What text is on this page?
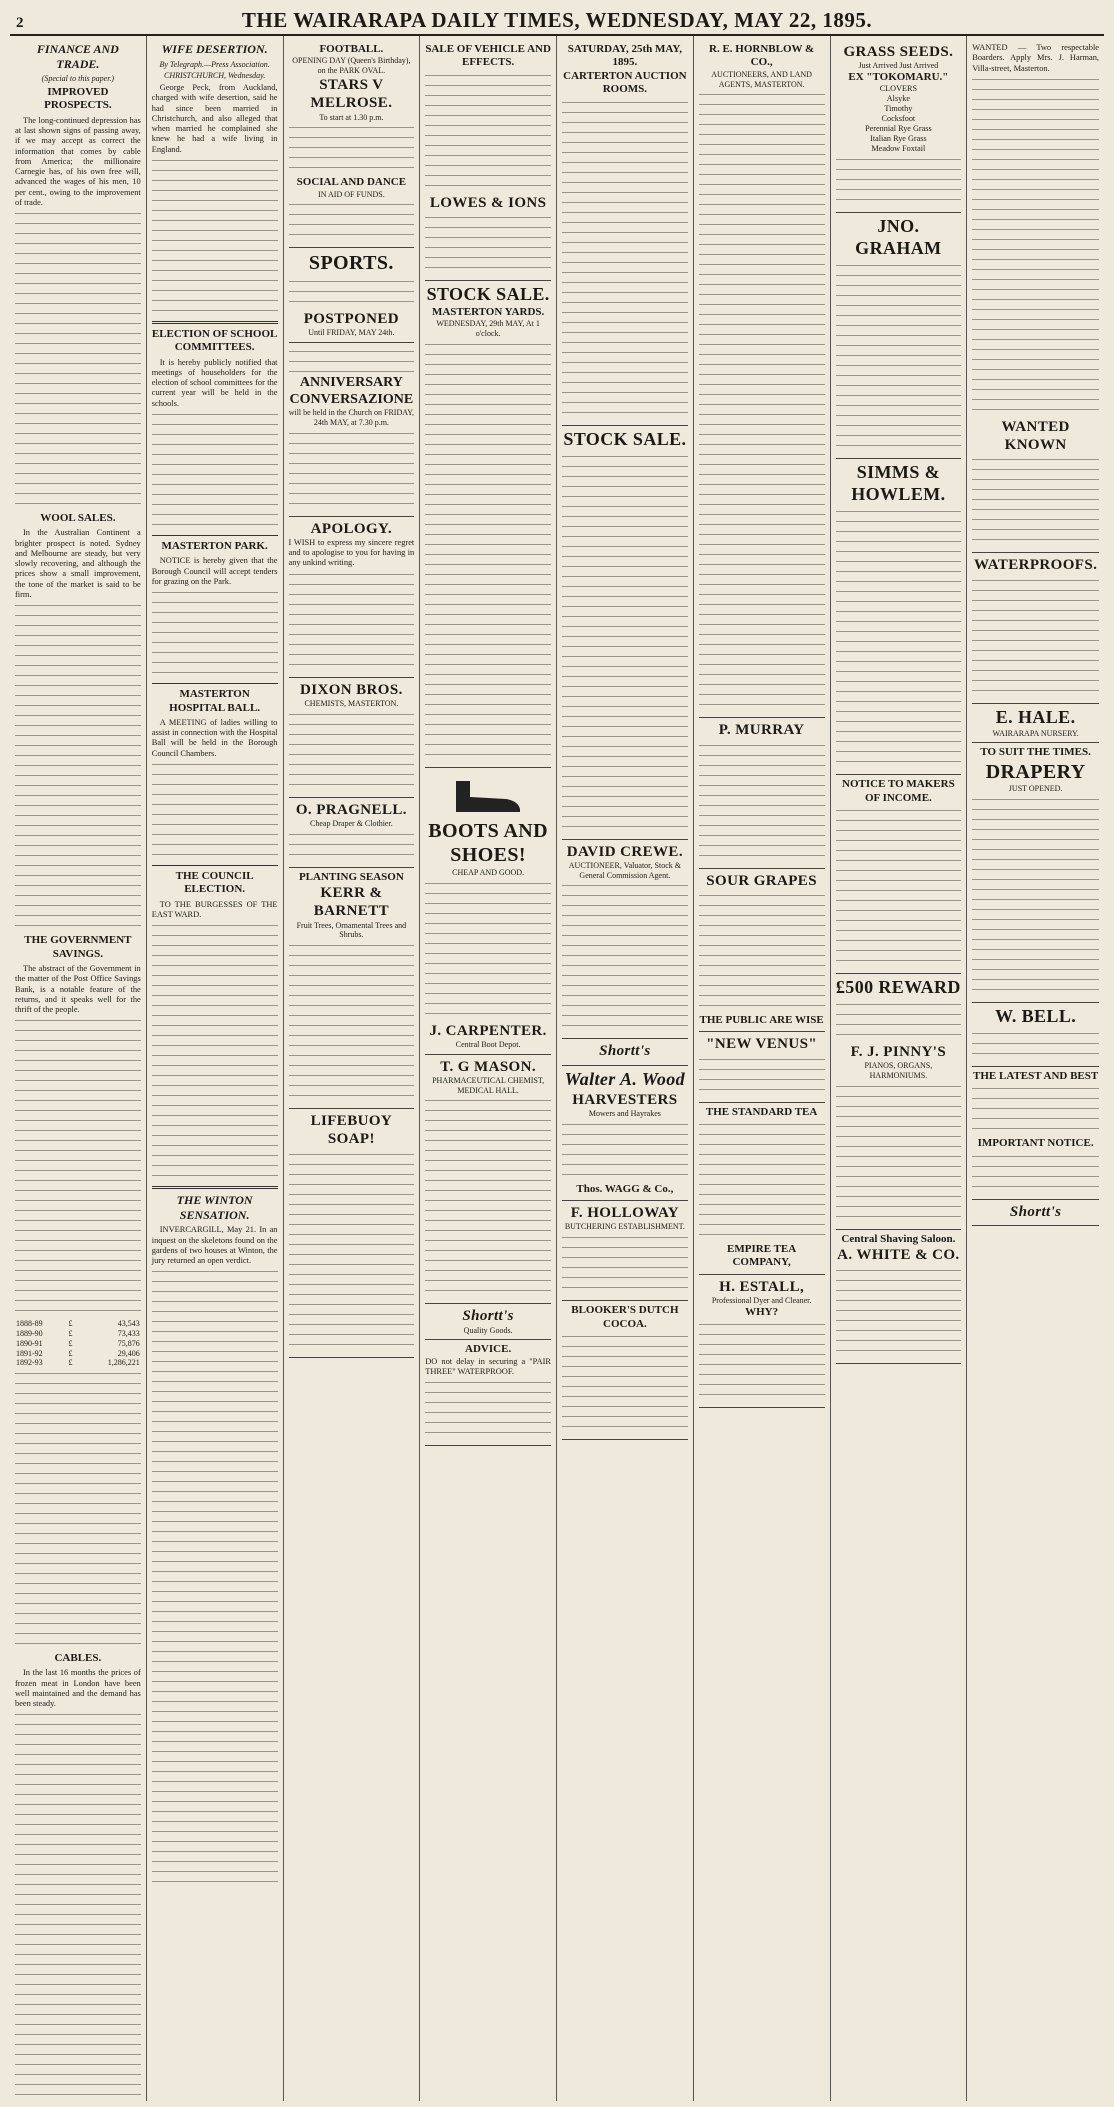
2	THE WAIRARAPA DAILY TIMES, WEDNESDAY, MAY 22, 1895.
FINANCE AND TRADE.
(Special to this paper.)
IMPROVED PROSPECTS.

The long-continued depression has at last shown signs of passing away, if we may accept as correct the information that comes by cable from America; the millionaire Carnegie has, of his own free will, advanced the wages of his men, 10 per cent., owing to the improvement of trade.

WOOL SALES.

In the Australian Continent a brighter prospect is noted. Sydney and Melbourne are steady, but very slowly recovering, and although the prices show a small improvement, the tone of the market is said to be firm.

THE GOVERNMENT SAVINGS.

The abstract of the Government in the matter of the Post Office Savings Bank, is a notable feature of the returns, and it speaks well for the thrift of the people.

1888-89	£	43,543
1889-90	£	73,433
1890-91	£	75,876
1891-92	£	29,406
1892-93	£	1,286,221
CABLES.

In the last 16 months the prices of frozen meat in London have been well maintained and the demand has been steady.

WIFE DESERTION.
By Telegraph.—Press Association.
CHRISTCHURCH, Wednesday.

George Peck, from Auckland, charged with wife desertion, said he had since been married in Christchurch, and also alleged that when married he complained she knew he had a wife living in England.

ELECTION OF SCHOOL COMMITTEES.

It is hereby publicly notified that meetings of householders for the election of school committees for the current year will be held in the schools.

MASTERTON PARK.

NOTICE is hereby given that the Borough Council will accept tenders for grazing on the Park.

MASTERTON HOSPITAL BALL.

A MEETING of ladies willing to assist in connection with the Hospital Ball will be held in the Borough Council Chambers.

THE COUNCIL ELECTION.

TO THE BURGESSES OF THE EAST WARD.

THE WINTON SENSATION.

INVERCARGILL, May 21. In an inquest on the skeletons found on the gardens of two houses at Winton, the jury returned an open verdict.

FOOTBALL.
OPENING DAY (Queen's Birthday), on the PARK OVAL.
STARS V MELROSE.
To start at 1.30 p.m.
SOCIAL AND DANCE
IN AID OF FUNDS.
SPORTS.
POSTPONED
Until FRIDAY, MAY 24th.
ANNIVERSARY CONVERSAZIONE
will be held in the Church on FRIDAY, 24th MAY, at 7.30 p.m.
APOLOGY.

I WISH to express my sincere regret and to apologise to you for having in any unkind writing.

DIXON BROS.
CHEMISTS, MASTERTON.
O. PRAGNELL.
Cheap Draper & Clothier.
PLANTING SEASON
KERR & BARNETT
Fruit Trees, Ornamental Trees and Shrubs.
LIFEBUOY SOAP!
SALE OF VEHICLE AND EFFECTS.
LOWES & IONS
STOCK SALE.
MASTERTON YARDS.
WEDNESDAY, 29th MAY, At 1 o'clock.
BOOTS AND SHOES!
CHEAP AND GOOD.
J. CARPENTER.
Central Boot Depot.
T. G MASON.
PHARMACEUTICAL CHEMIST, MEDICAL HALL.
Shortt's
Quality Goods.
ADVICE.

DO not delay in securing a "PAIR THREE" WATERPROOF.

SATURDAY, 25th MAY, 1895.
CARTERTON AUCTION ROOMS.
STOCK SALE.
DAVID CREWE.
AUCTIONEER, Valuator, Stock & General Commission Agent.
Shortt's
Walter A. Wood
HARVESTERS
Mowers and Hayrakes
Thos. WAGG & Co.,
F. HOLLOWAY
BUTCHERING ESTABLISHMENT.
BLOOKER'S DUTCH COCOA.
R. E. HORNBLOW & CO.,
AUCTIONEERS, AND LAND AGENTS, MASTERTON.
P. MURRAY
SOUR GRAPES
THE PUBLIC ARE WISE
"NEW VENUS"
THE STANDARD TEA
EMPIRE TEA COMPANY,
H. ESTALL,
Professional Dyer and Cleaner.
WHY?
GRASS SEEDS.
Just Arrived Just Arrived
EX "TOKOMARU."
CLOVERS
Alsyke
Timothy
Cocksfoot
Perennial Rye Grass
Italian Rye Grass
Meadow Foxtail
JNO. GRAHAM
SIMMS & HOWLEM.
NOTICE TO MAKERS OF INCOME.
£500 REWARD
F. J. PINNY'S
PIANOS, ORGANS, HARMONIUMS.
Central Shaving Saloon.
A. WHITE & CO.

WANTED — Two respectable Boarders. Apply Mrs. J. Harman, Villa-street, Masterton.

WANTED KNOWN
WATERPROOFS.
E. HALE.
WAIRARAPA NURSERY.
TO SUIT THE TIMES.
DRAPERY
JUST OPENED.
W. BELL.
THE LATEST AND BEST
IMPORTANT NOTICE.
Shortt's
